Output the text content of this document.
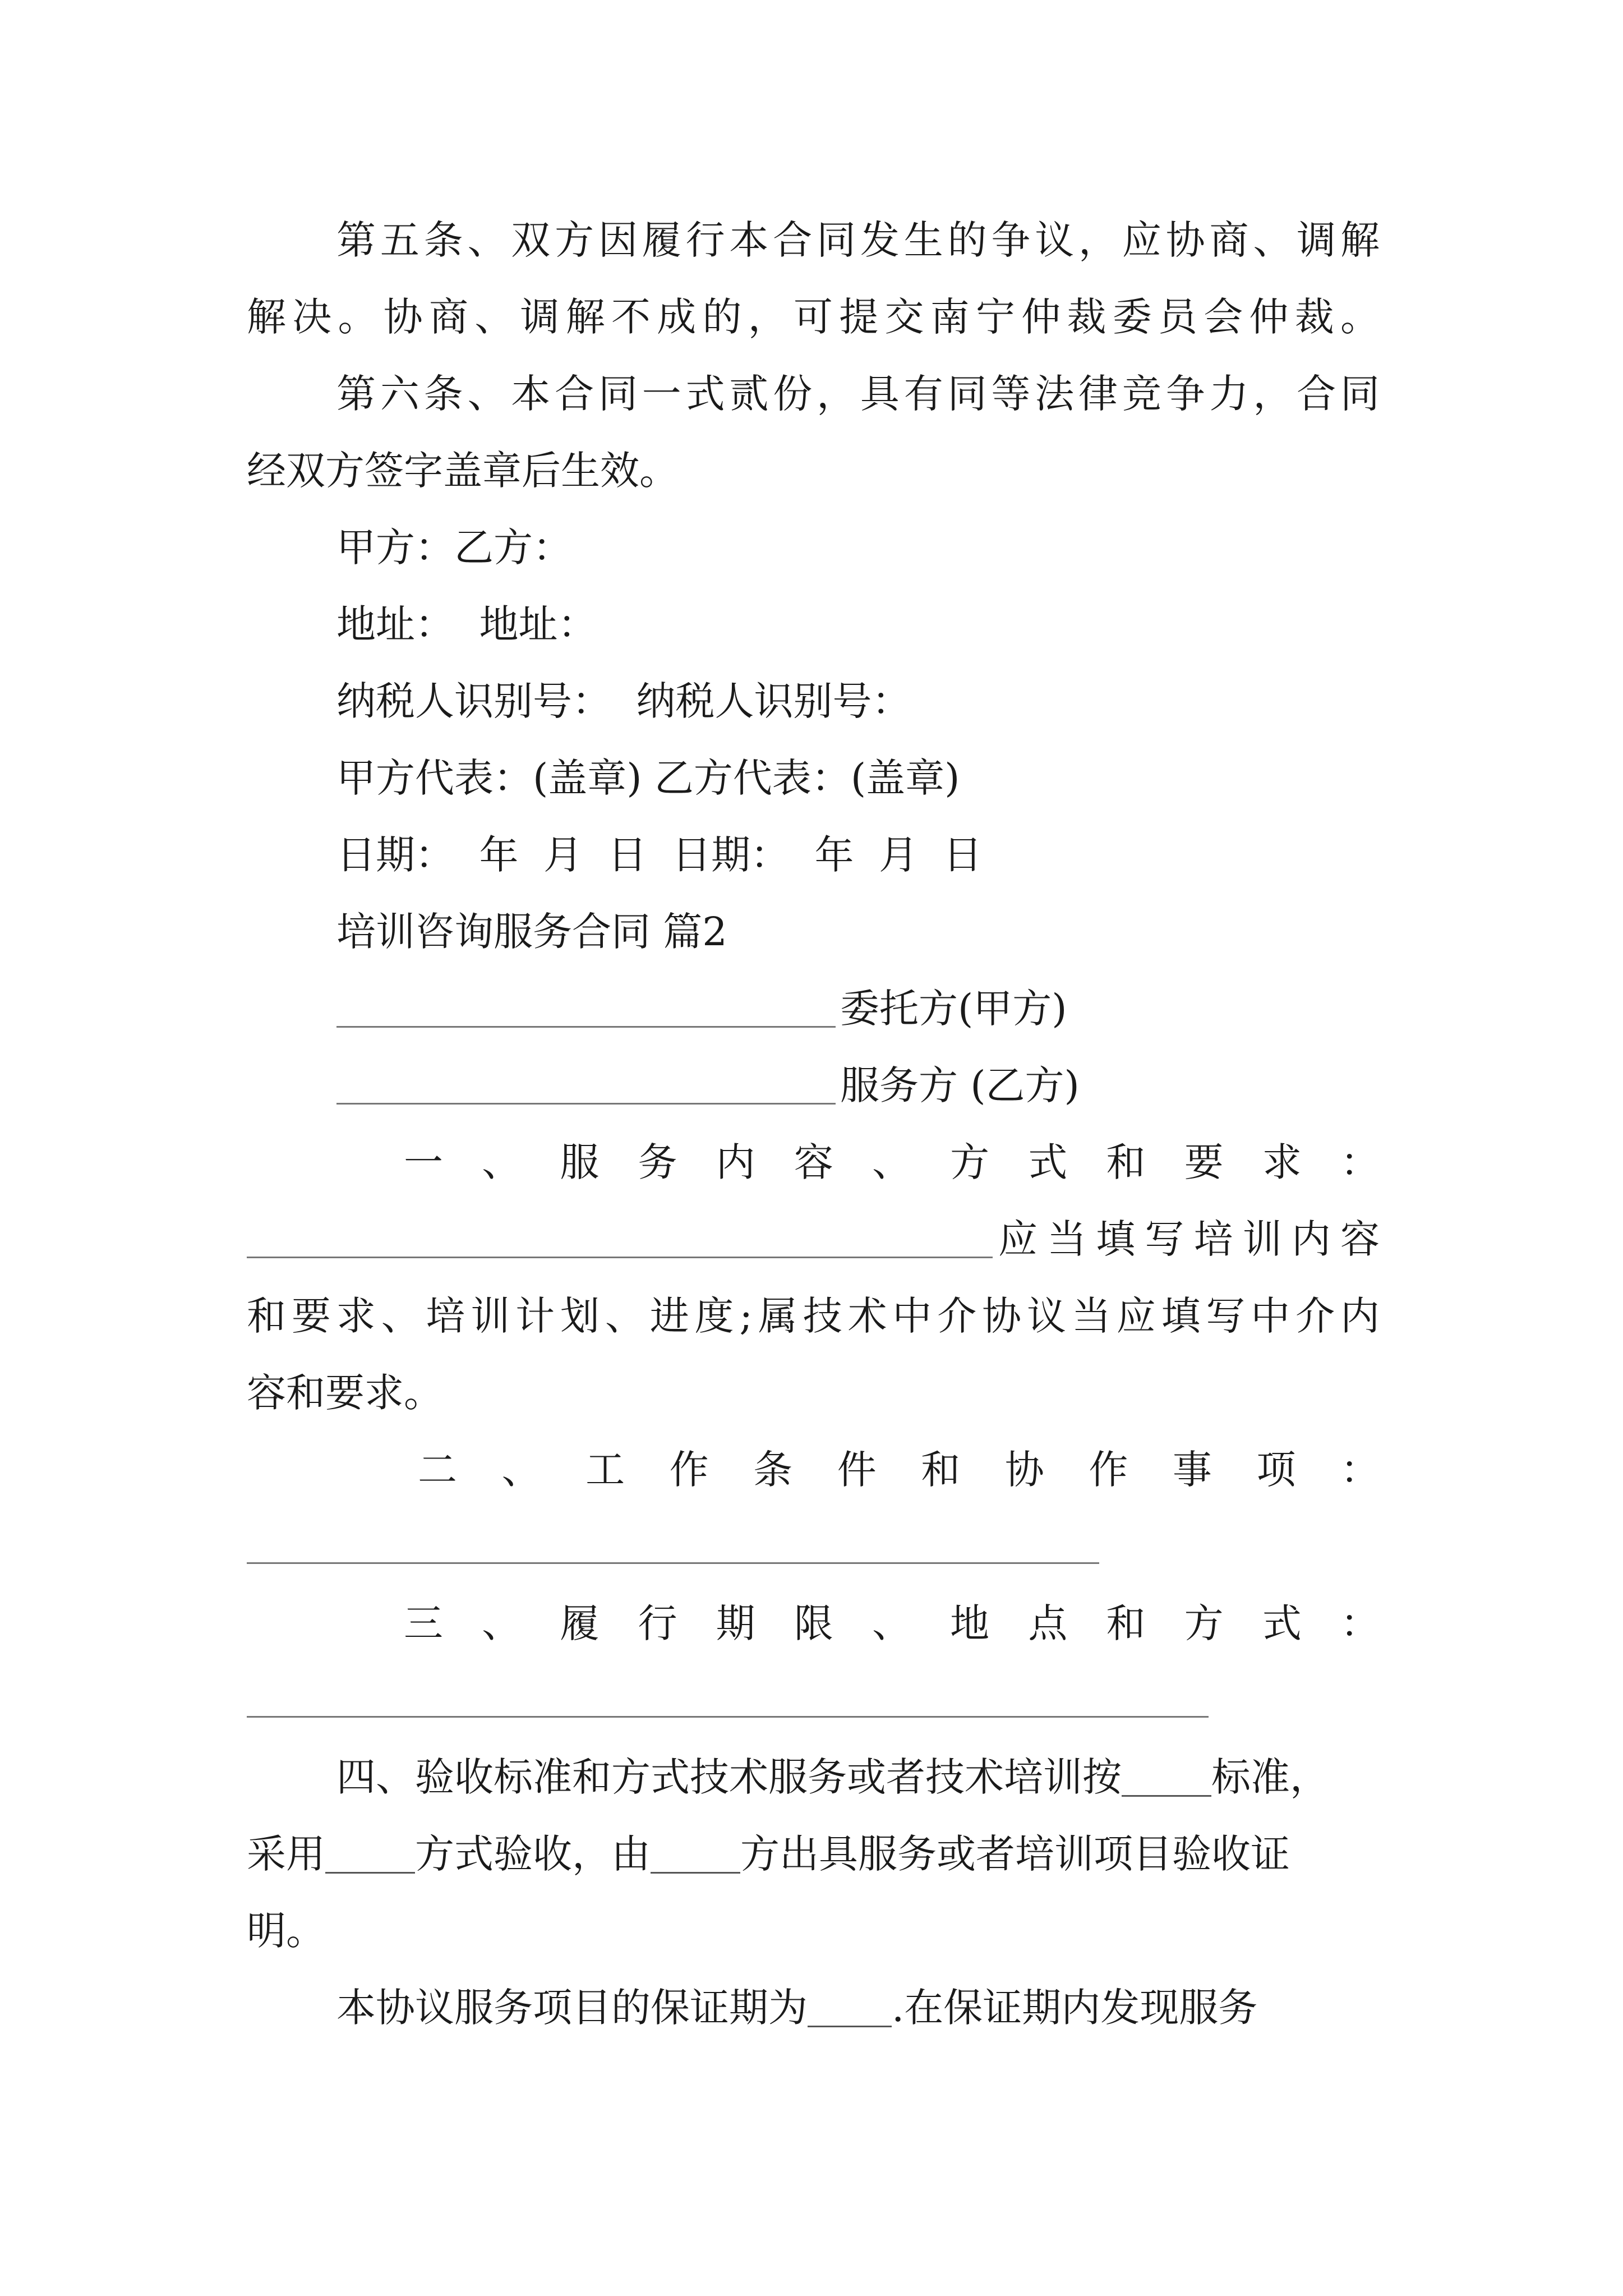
第五条、双方因履行本合同发生的争议，应协商、调解
解决。协商、调解不成的，可提交南宁仲裁委员会仲裁。
第六条、本合同一式贰份，具有同等法律竞争力，合同
经双方签字盖章后生效。
甲方：乙方：
地址：  地址：
纳税人识别号：  纳税人识别号：
甲方代表：(盖章) 乙方代表：(盖章)
日期：  年  月  日  日期：  年  月  日
培训咨询服务合同 篇2
委托方(甲方)
服务方 (乙方)
一、服务内容、方式和要求：
应当填写培训内容
和要求、培训计划、进度;属技术中介协议当应填写中介内
容和要求。
二、工作条件和协作事项：
三、履行期限、地点和方式：
四、验收标准和方式技术服务或者技术培训按 标准，
采用 方式验收，由 方出具服务或者培训项目验收证
明。
本协议服务项目的保证期为 .在保证期内发现服务
